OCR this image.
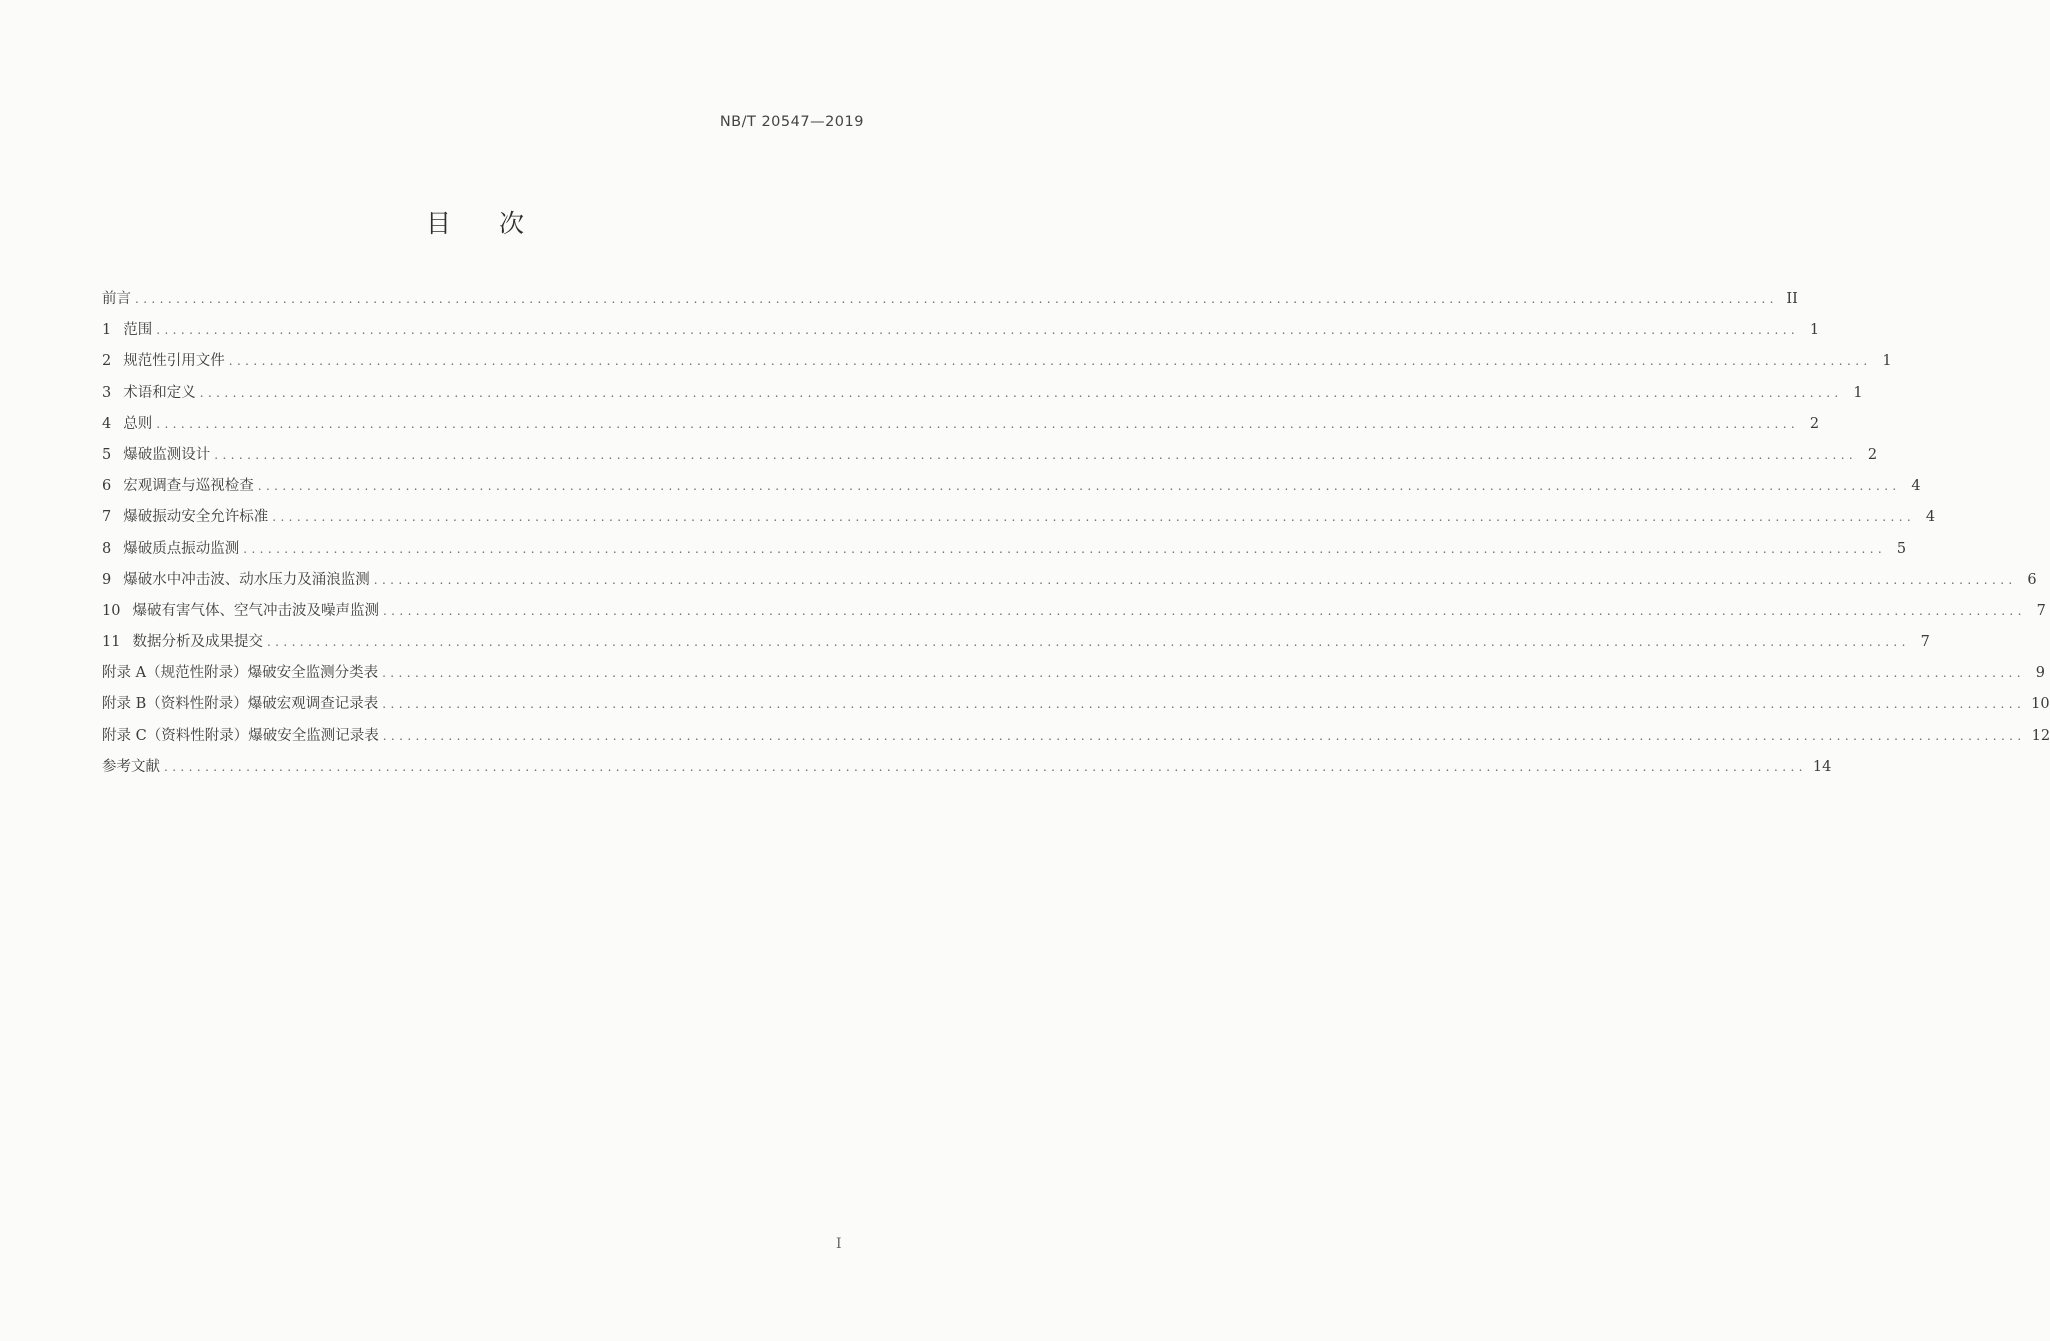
NB/T 20547—2019
目次
前言 ........................................................................................................................................................................................................ II
1 范围 ........................................................................................................................................................................................................ 1
2 规范性引用文件 ........................................................................................................................................................................................................ 1
3 术语和定义 ........................................................................................................................................................................................................ 1
4 总则 ........................................................................................................................................................................................................ 2
5 爆破监测设计 ........................................................................................................................................................................................................ 2
6 宏观调查与巡视检查 ........................................................................................................................................................................................................ 4
7 爆破振动安全允许标准 ........................................................................................................................................................................................................ 4
8 爆破质点振动监测 ........................................................................................................................................................................................................ 5
9 爆破水中冲击波、动水压力及涌浪监测 ........................................................................................................................................................................................................ 6
10 爆破有害气体、空气冲击波及噪声监测 ........................................................................................................................................................................................................ 7
11 数据分析及成果提交 ........................................................................................................................................................................................................ 7
附录 A（规范性附录） 爆破安全监测分类表 ........................................................................................................................................................................................................ 9
附录 B（资料性附录） 爆破宏观调查记录表 ........................................................................................................................................................................................................ 10
附录 C（资料性附录） 爆破安全监测记录表 ........................................................................................................................................................................................................ 12
参考文献 ........................................................................................................................................................................................................ 14
I
